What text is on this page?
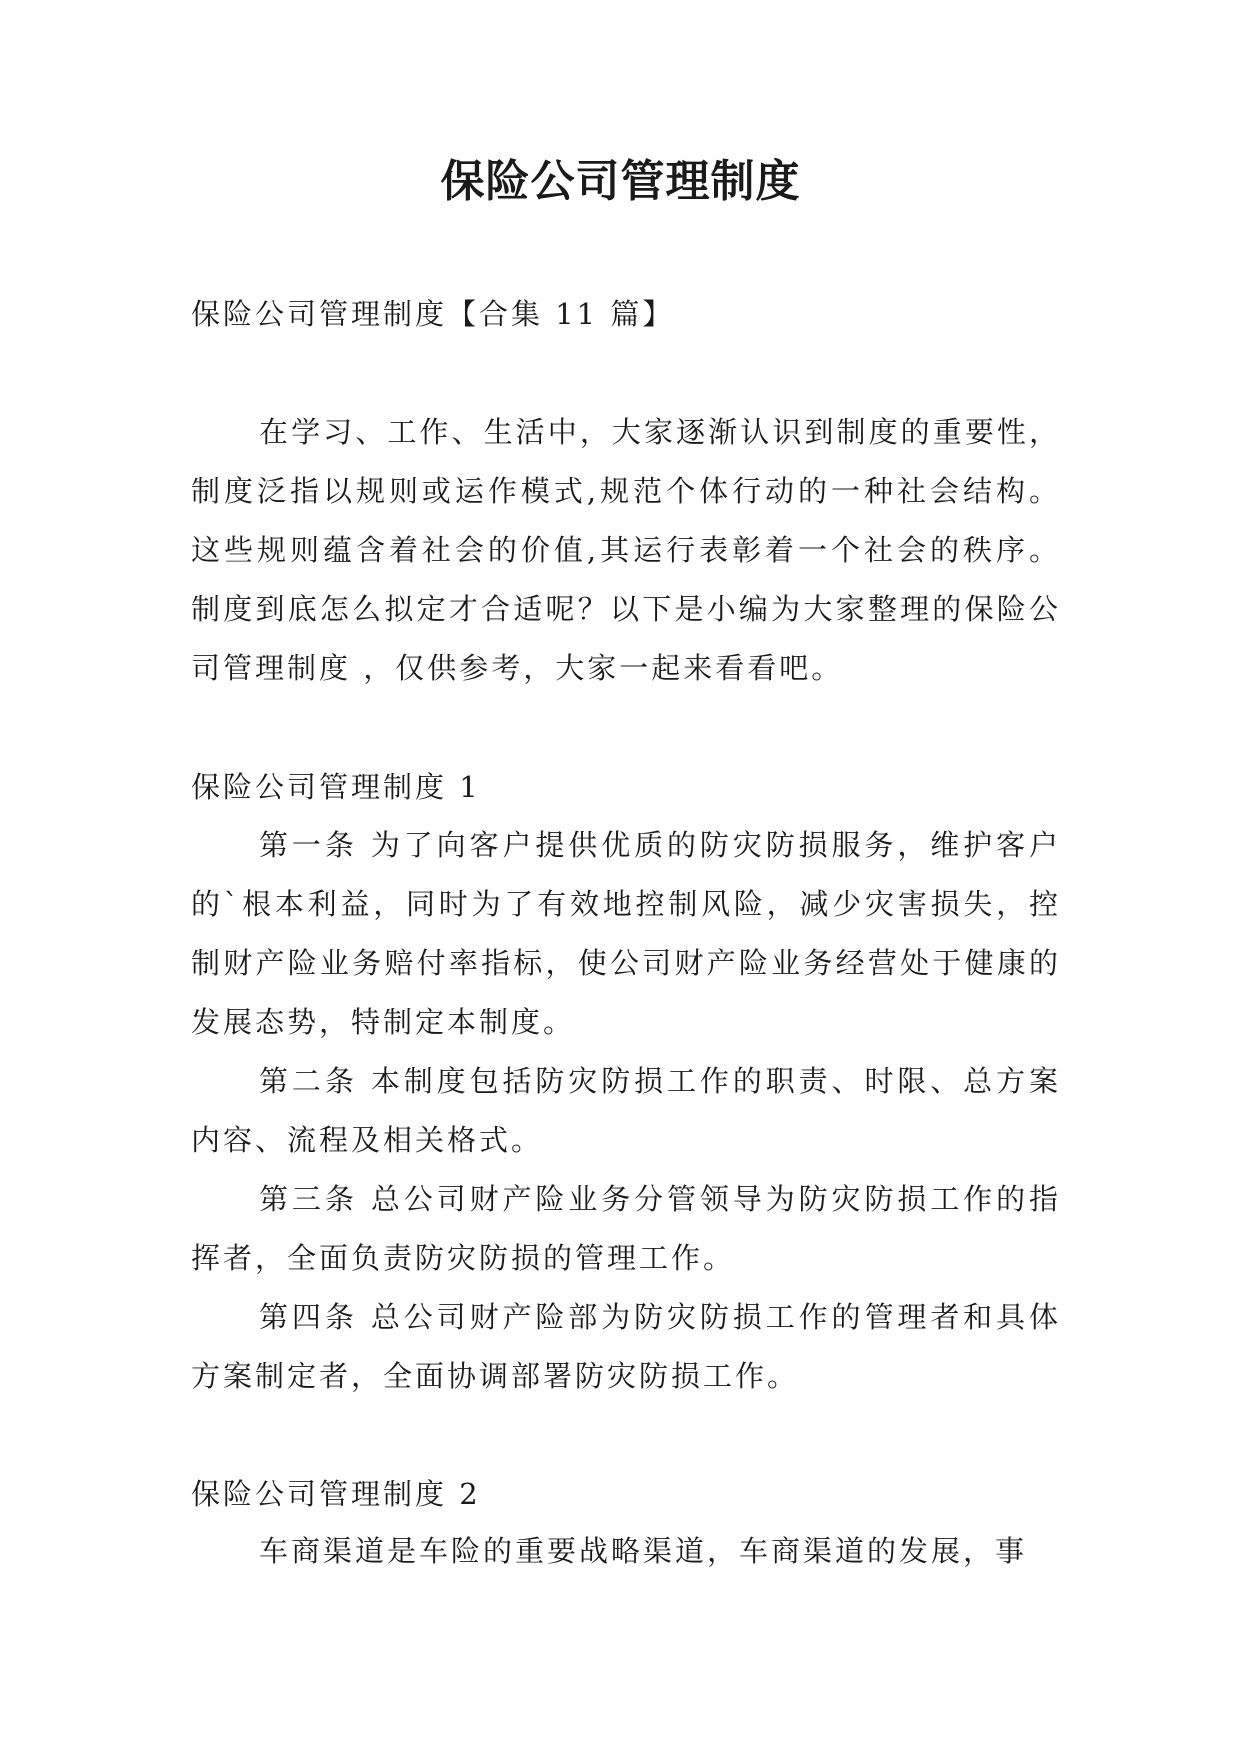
保险公司管理制度

保险公司管理制度【合集 11 篇】

在学习、工作、生活中，大家逐渐认识到制度的重要性，制度泛指以规则或运作模式,规范个体行动的一种社会结构。这些规则蕴含着社会的价值,其运行表彰着一个社会的秩序。制度到底怎么拟定才合适呢？以下是小编为大家整理的保险公司管理制度 ，仅供参考，大家一起来看看吧。

保险公司管理制度 1

第一条 为了向客户提供优质的防灾防损服务，维护客户的`根本利益，同时为了有效地控制风险，减少灾害损失，控制财产险业务赔付率指标，使公司财产险业务经营处于健康的发展态势，特制定本制度。

第二条 本制度包括防灾防损工作的职责、时限、总方案内容、流程及相关格式。

第三条 总公司财产险业务分管领导为防灾防损工作的指挥者，全面负责防灾防损的管理工作。

第四条 总公司财产险部为防灾防损工作的管理者和具体方案制定者，全面协调部署防灾防损工作。

保险公司管理制度 2

车商渠道是车险的重要战略渠道，车商渠道的发展，事
